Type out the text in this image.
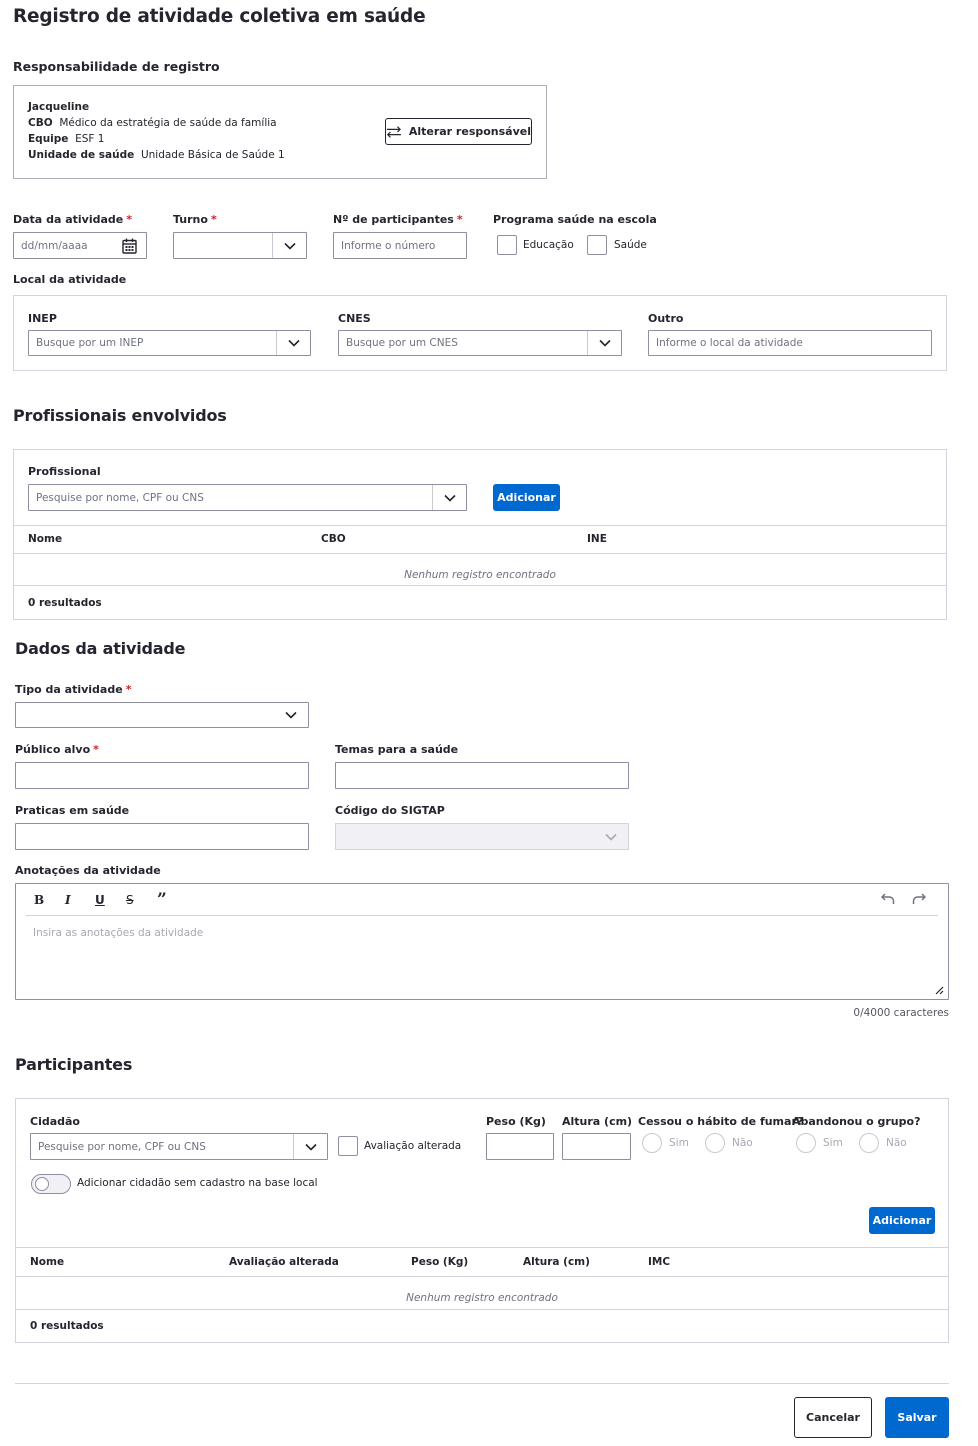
Registro de atividade coletiva em saúde
Responsabilidade de registro
Jacqueline
CBO Médico da estratégia de saúde da família
Equipe ESF 1
Unidade de saúde Unidade Básica de Saúde 1
Alterar responsável
Data da atividade *
dd/mm/aaaa
Turno *	Nº de participantes *
Informe o número
Programa saúde na escola
Educação	Saúde
Local da atividade
INEP
Busque por um INEP
CNES
Busque por um CNES
Outro
Informe o local da atividade
Profissionais envolvidos
Profissional
Pesquise por nome, CPF ou CNS	Adicionar
Nome	CBO	INE
Nenhum registro encontrado
0 resultados
Dados da atividade
Tipo da atividade *
Público alvo *	Temas para a saúde
Praticas em saúde	Código do SIGTAP
Anotações da atividade
B I U S ”
Insira as anotações da atividade
0/4000 caracteres
Participantes
Cidadão
Pesquise por nome, CPF ou CNS	Avaliação alterada
Peso (Kg) Altura (cm) Cessou o hábito de fumar?
Sim	Não
Abandonou o grupo?
Sim	Não
Adicionar cidadão sem cadastro na base local
Adicionar
Nome	Avaliação alterada	Peso (Kg)	Altura (cm)	IMC
Nenhum registro encontrado
0 resultados
Cancelar	Salvar
